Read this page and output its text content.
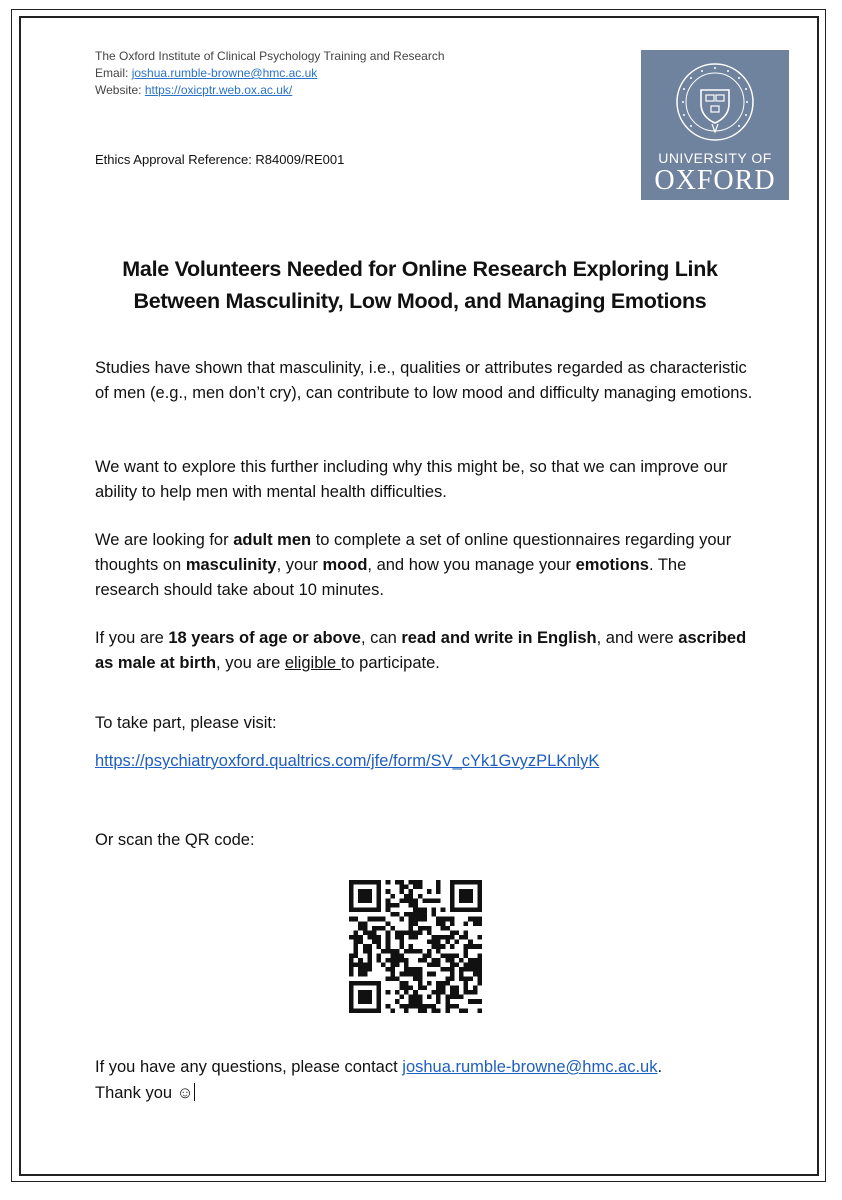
The Oxford Institute of Clinical Psychology Training and Research
Email: joshua.rumble-browne@hmc.ac.uk
Website: https://oxicptr.web.ox.ac.uk/
Ethics Approval Reference: R84009/RE001	UNIVERSITY OF
OXFORD
Male Volunteers Needed for Online Research Exploring Link
Between Masculinity, Low Mood, and Managing Emotions
Studies have shown that masculinity, i.e., qualities or attributes regarded as characteristic of men (e.g., men don’t cry), can contribute to low mood and difficulty managing emotions.
We want to explore this further including why this might be, so that we can improve our ability to help men with mental health difficulties.
We are looking for adult men to complete a set of online questionnaires regarding your thoughts on masculinity, your mood, and how you manage your emotions. The research should take about 10 minutes.
If you are 18 years of age or above, can read and write in English, and were ascribed as male at birth, you are eligible to participate.
To take part, please visit:
https://psychiatryoxford.qualtrics.com/jfe/form/SV_cYk1GvyzPLKnlyK
Or scan the QR code:
If you have any questions, please contact joshua.rumble-browne@hmc.ac.uk.
Thank you ☺
